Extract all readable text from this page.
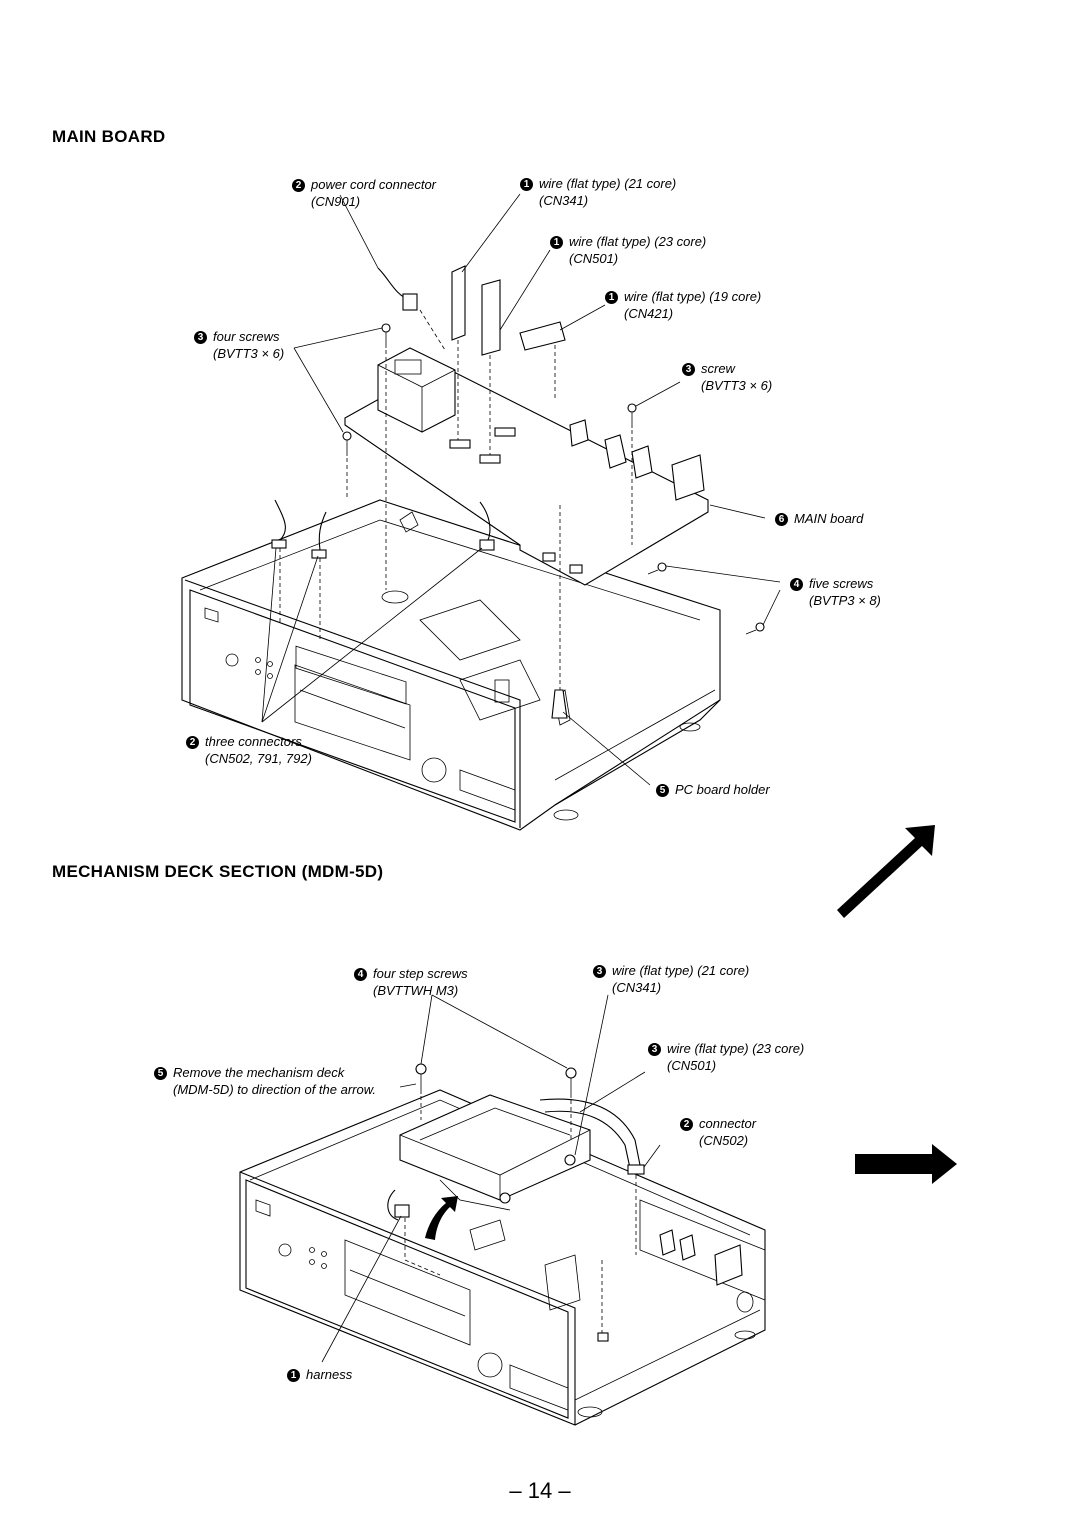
MAIN BOARD
MECHANISM DECK SECTION (MDM-5D)
2 power cord connector
(CN901)
1 wire (flat type) (21 core)
(CN341)
1 wire (flat type) (23 core)
(CN501)
1 wire (flat type) (19 core)
(CN421)
3 four screws
(BVTT3 × 6)
3 screw
(BVTT3 × 6)
6 MAIN board
4 five screws
(BVTP3 × 8)
2 three connectors
(CN502, 791, 792)
5 PC board holder
4 four step screws
(BVTTWH M3)
3 wire (flat type) (21 core)
(CN341)
3 wire (flat type) (23 core)
(CN501)
5 Remove the mechanism deck
(MDM-5D) to direction of the arrow.
2 connector
(CN502)
1 harness
– 14 –
